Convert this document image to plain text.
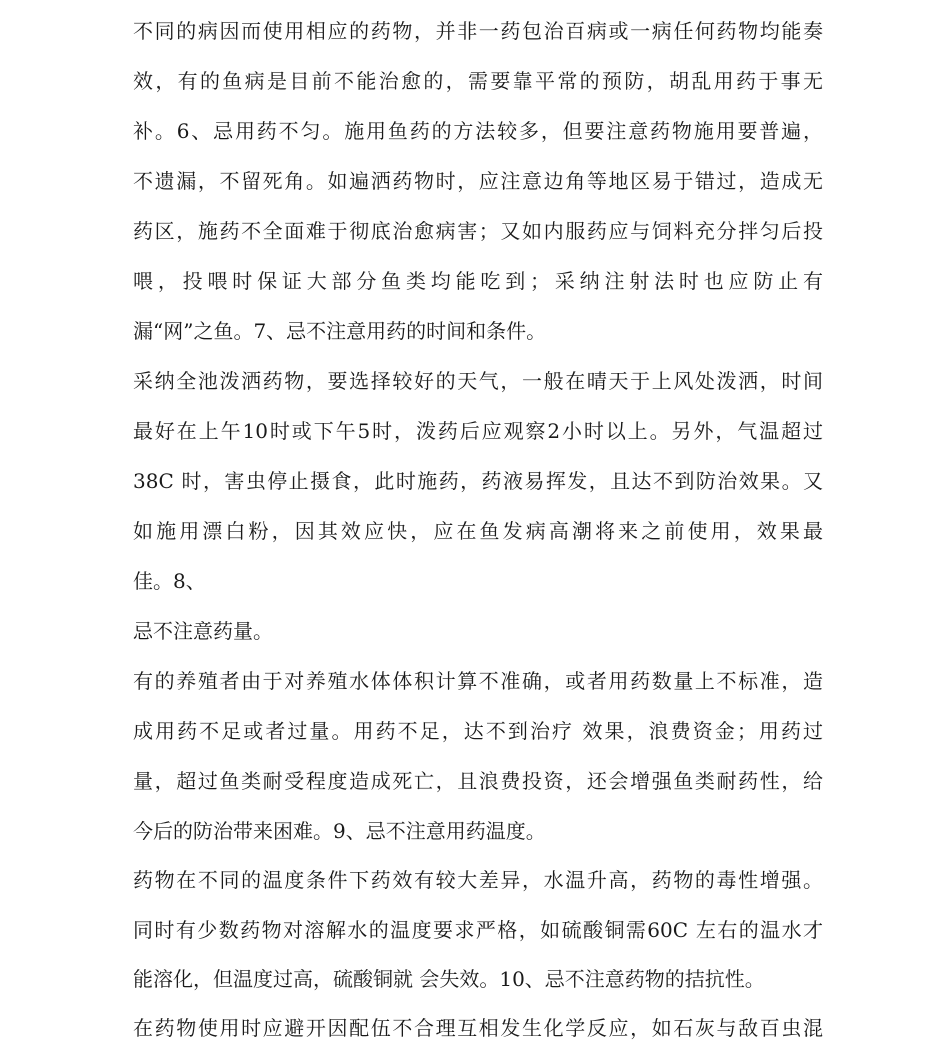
不同的病因而使用相应的药物，并非一药包治百病或一病任何药物均能奏
效，有的鱼病是目前不能治愈的，需要靠平常的预防，胡乱用药于事无
补。6、忌用药不匀。施用鱼药的方法较多，但要注意药物施用要普遍，
不遗漏，不留死角。如遍洒药物时，应注意边角等地区易于错过，造成无
药区，施药不全面难于彻底治愈病害；又如内服药应与饲料充分拌匀后投
喂，投喂时保证大部分鱼类均能吃到；采纳注射法时也应防止有
漏“网”之鱼。7、忌不注意用药的时间和条件。
采纳全池泼洒药物，要选择较好的天气，一般在晴天于上风处泼洒，时间
最好在上午10时或下午5时，泼药后应观察2小时以上。另外，气温超过
38C 时，害虫停止摄食，此时施药，药液易挥发，且达不到防治效果。又
如施用漂白粉，因其效应快，应在鱼发病高潮将来之前使用，效果最
佳。8、
忌不注意药量。
有的养殖者由于对养殖水体体积计算不准确，或者用药数量上不标准，造
成用药不足或者过量。用药不足，达不到治疗 效果，浪费资金；用药过
量，超过鱼类耐受程度造成死亡，且浪费投资，还会增强鱼类耐药性，给
今后的防治带来困难。9、忌不注意用药温度。
药物在不同的温度条件下药效有较大差异，水温升高，药物的毒性增强。
同时有少数药物对溶解水的温度要求严格，如硫酸铜需60C 左右的温水才
能溶化，但温度过高，硫酸铜就 会失效。10、忌不注意药物的拮抗性。
在药物使用时应避开因配伍不合理互相发生化学反应，如石灰与敌百虫混
